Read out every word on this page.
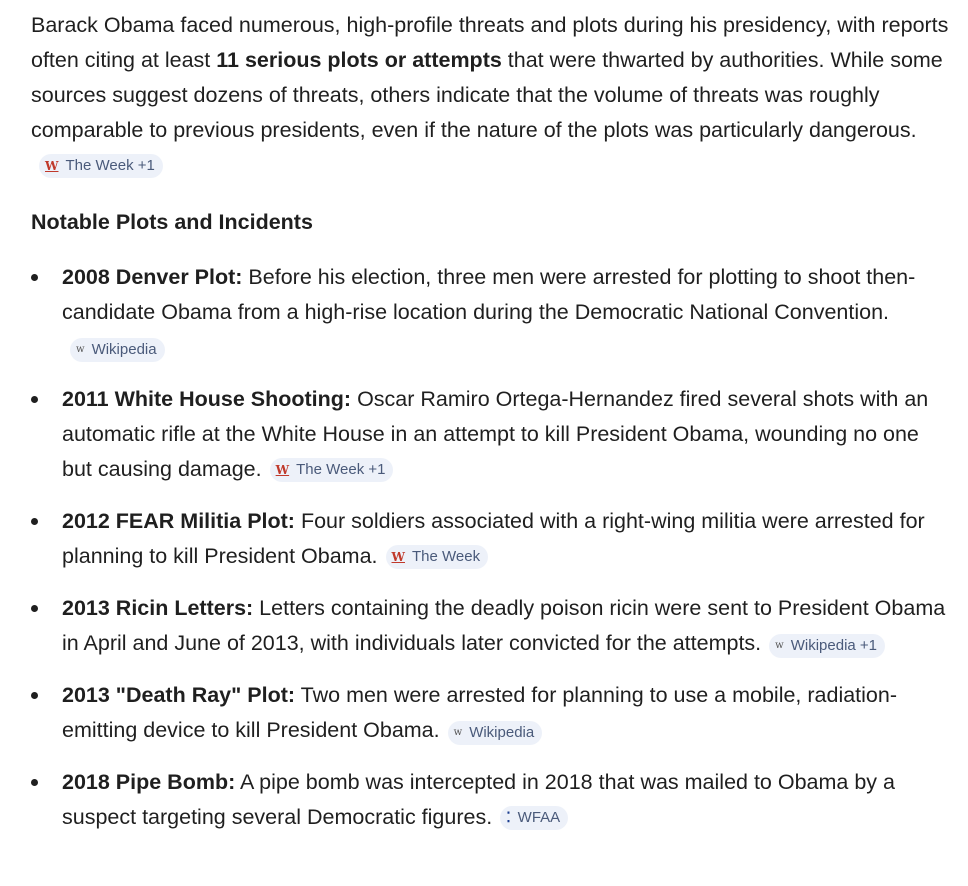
Barack Obama faced numerous, high-profile threats and plots during his presidency, with reports often citing at least 11 serious plots or attempts that were thwarted by authorities. While some sources suggest dozens of threats, others indicate that the volume of threats was roughly comparable to previous presidents, even if the nature of the plots was particularly dangerous.
W The Week +1

Notable Plots and Incidents
2008 Denver Plot: Before his election, three men were arrested for plotting to shoot then-candidate Obama from a high-rise location during the Democratic National Convention.
w Wikipedia
2011 White House Shooting: Oscar Ramiro Ortega-Hernandez fired several shots with an automatic rifle at the White House in an attempt to kill President Obama, wounding no one but causing damage. W The Week +1
2012 FEAR Militia Plot: Four soldiers associated with a right-wing militia were arrested for planning to kill President Obama. W The Week
2013 Ricin Letters: Letters containing the deadly poison ricin were sent to President Obama in April and June of 2013, with individuals later convicted for the attempts. w Wikipedia +1
2013 "Death Ray" Plot: Two men were arrested for planning to use a mobile, radiation-emitting device to kill President Obama. w Wikipedia
2018 Pipe Bomb: A pipe bomb was intercepted in 2018 that was mailed to Obama by a suspect targeting several Democratic figures. ⁚ WFAA
